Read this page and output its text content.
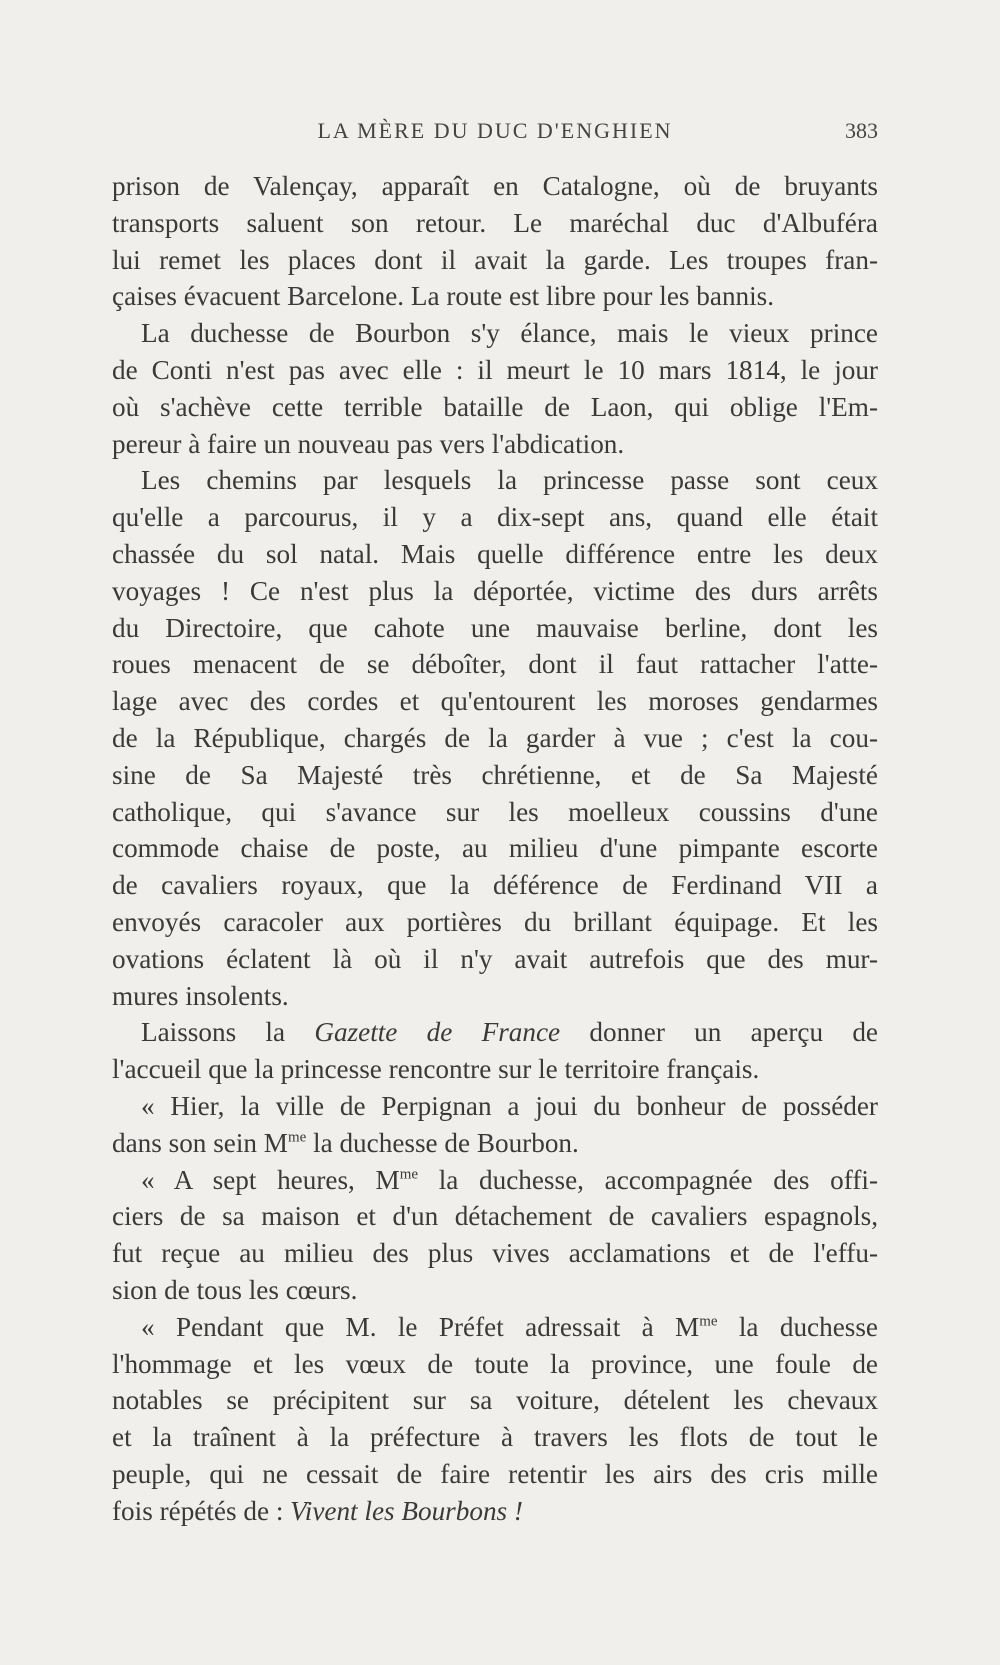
LA MÈRE DU DUC D'ENGHIEN	383
prison de Valençay, apparaît en Catalogne, où de bruyants
transports saluent son retour. Le maréchal duc d'Albuféra
lui remet les places dont il avait la garde. Les troupes fran-
çaises évacuent Barcelone. La route est libre pour les bannis.
La duchesse de Bourbon s'y élance, mais le vieux prince
de Conti n'est pas avec elle : il meurt le 10 mars 1814, le jour
où s'achève cette terrible bataille de Laon, qui oblige l'Em-
pereur à faire un nouveau pas vers l'abdication.
Les chemins par lesquels la princesse passe sont ceux
qu'elle a parcourus, il y a dix-sept ans, quand elle était
chassée du sol natal. Mais quelle différence entre les deux
voyages ! Ce n'est plus la déportée, victime des durs arrêts
du Directoire, que cahote une mauvaise berline, dont les
roues menacent de se déboîter, dont il faut rattacher l'atte-
lage avec des cordes et qu'entourent les moroses gendarmes
de la République, chargés de la garder à vue ; c'est la cou-
sine de Sa Majesté très chrétienne, et de Sa Majesté
catholique, qui s'avance sur les moelleux coussins d'une
commode chaise de poste, au milieu d'une pimpante escorte
de cavaliers royaux, que la déférence de Ferdinand VII a
envoyés caracoler aux portières du brillant équipage. Et les
ovations éclatent là où il n'y avait autrefois que des mur-
mures insolents.
Laissons la Gazette de France donner un aperçu de
l'accueil que la princesse rencontre sur le territoire français.
« Hier, la ville de Perpignan a joui du bonheur de posséder
dans son sein $M^{me}$ la duchesse de Bourbon.
« A sept heures, $M^{me}$ la duchesse, accompagnée des offi-
ciers de sa maison et d'un détachement de cavaliers espagnols,
fut reçue au milieu des plus vives acclamations et de l'effu-
sion de tous les cœurs.
« Pendant que M. le Préfet adressait à $M^{me}$ la duchesse
l'hommage et les vœux de toute la province, une foule de
notables se précipitent sur sa voiture, dételent les chevaux
et la traînent à la préfecture à travers les flots de tout le
peuple, qui ne cessait de faire retentir les airs des cris mille
fois répétés de : Vivent les Bourbons !
